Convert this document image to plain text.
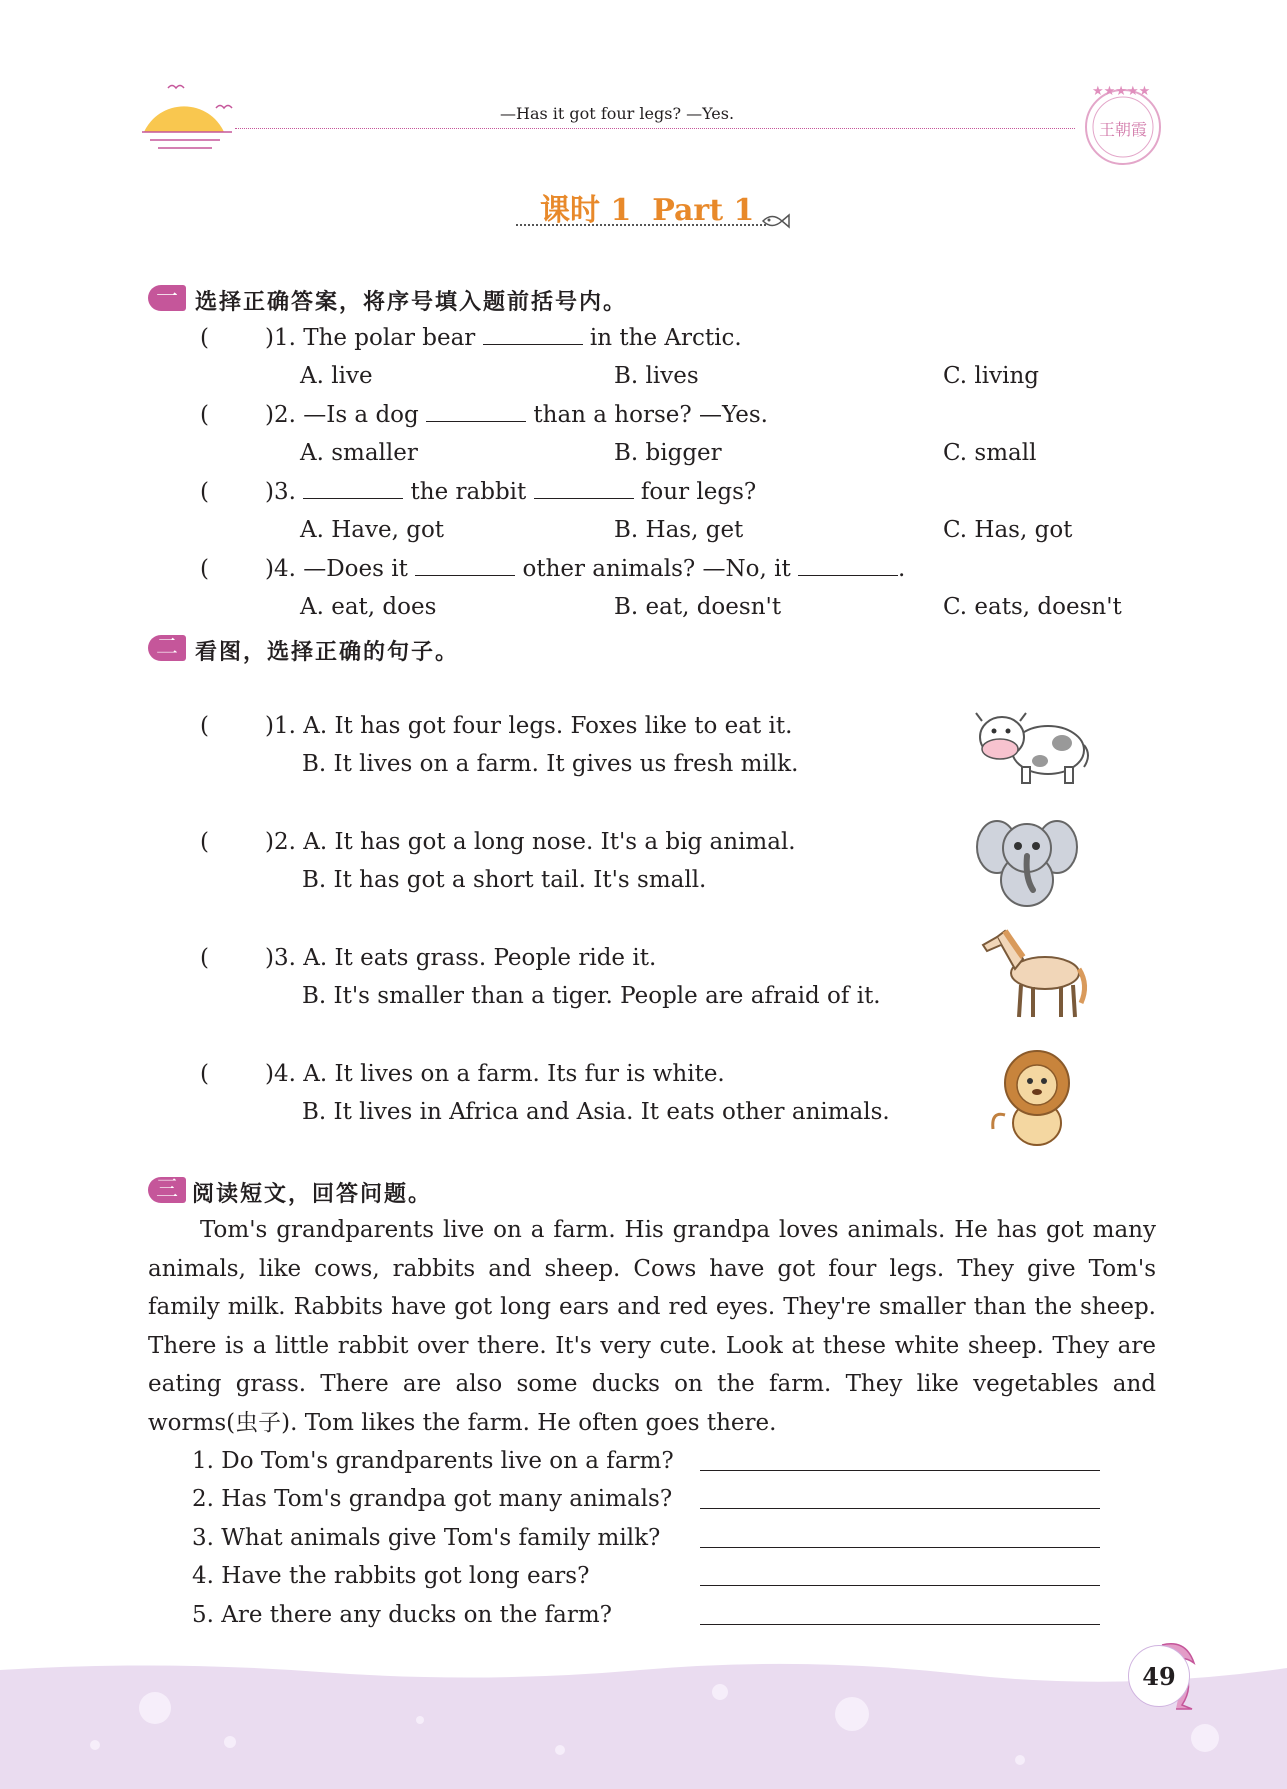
—Has it got four legs? —Yes.
★★★★★
王朝霞
课时 1  Part 1
一 选择正确答案，将序号填入题前括号内。
( )1. The polar bear	in the Arctic.
A. live	B. lives	C. living
( )2. —Is a dog	than a horse? —Yes.
A. smaller	B. bigger	C. small
( )3.	the rabbit	four legs?
A. Have, got	B. Has, get	C. Has, got
( )4. —Does it	other animals? —No, it	.
A. eat, does	B. eat, doesn't	C. eats, doesn't
二 看图，选择正确的句子。
( )1. A. It has got four legs. Foxes like to eat it.
B. It lives on a farm. It gives us fresh milk.
( )2. A. It has got a long nose. It's a big animal.
B. It has got a short tail. It's small.
( )3. A. It eats grass. People ride it.
B. It's smaller than a tiger. People are afraid of it.
( )4. A. It lives on a farm. Its fur is white.
B. It lives in Africa and Asia. It eats other animals.
三 阅读短文，回答问题。
Tom's grandparents live on a farm. His grandpa loves animals. He has got many animals, like cows, rabbits and sheep. Cows have got four legs. They give Tom's family milk. Rabbits have got long ears and red eyes. They're smaller than the sheep. There is a little rabbit over there. It's very cute. Look at these white sheep. They are eating grass. There are also some ducks on the farm. They like vegetables and worms(虫子). Tom likes the farm. He often goes there.
1. Do Tom's grandparents live on a farm?
2. Has Tom's grandpa got many animals?
3. What animals give Tom's family milk?
4. Have the rabbits got long ears?
5. Are there any ducks on the farm?
49
